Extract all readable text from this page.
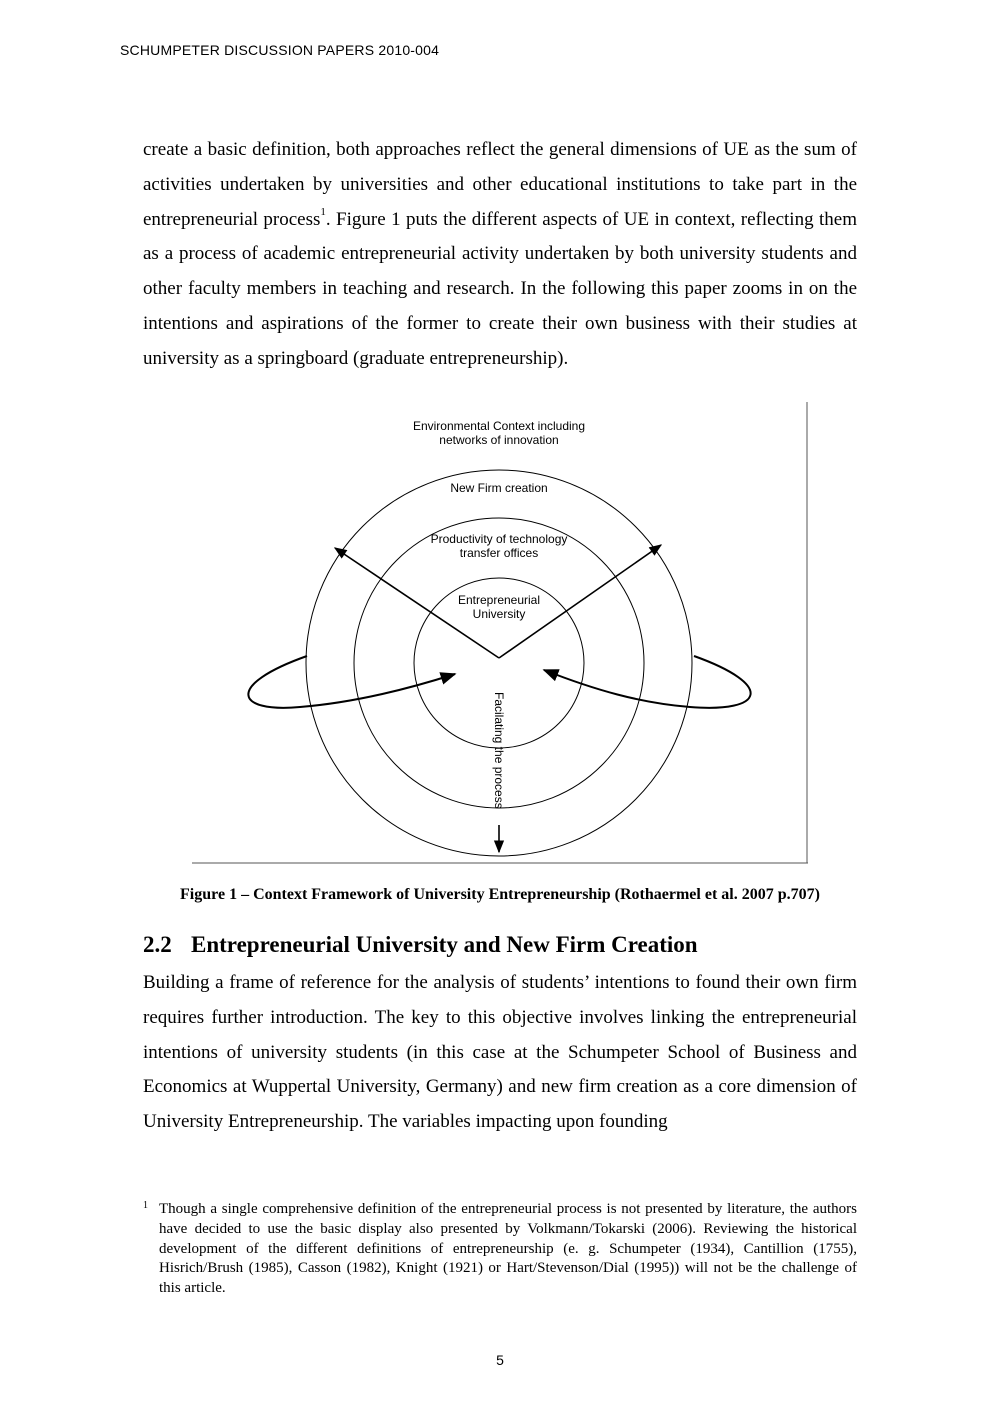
SCHUMPETER DISCUSSION PAPERS 2010-004

create a basic definition, both approaches reflect the general dimensions of UE as the sum of activities undertaken by universities and other educational institutions to take part in the entrepreneurial process$^1$. Figure 1 puts the different aspects of UE in context, reflecting them as a process of academic entrepreneurial activity undertaken by both university students and other faculty members in teaching and research. In the following this paper zooms in on the intentions and aspirations of the former to create their own business with their studies at university as a springboard (graduate entrepreneurship).

Environmental Context including
networks of innovation
New Firm creation
Productivity of technology
transfer offices
Entrepreneurial
University
Facilating the process
Figure 1 – Context Framework of University Entrepreneurship (Rothaermel et al. 2007 p.707)
2.2 Entrepreneurial University and New Firm Creation

Building a frame of reference for the analysis of students’ intentions to found their own firm requires further introduction. The key to this objective involves linking the entrepreneurial intentions of university students (in this case at the Schumpeter School of Business and Economics at Wuppertal University, Germany) and new firm creation as a core dimension of University Entrepreneurship. The variables impacting upon founding

1 Though a single comprehensive definition of the entrepreneurial process is not presented by literature, the authors have decided to use the basic display also presented by Volkmann/Tokarski (2006). Reviewing the historical development of the different definitions of entrepreneurship (e. g. Schumpeter (1934), Cantillion (1755), Hisrich/Brush (1985), Casson (1982), Knight (1921) or Hart/Stevenson/Dial (1995)) will not be the challenge of this article.
5
